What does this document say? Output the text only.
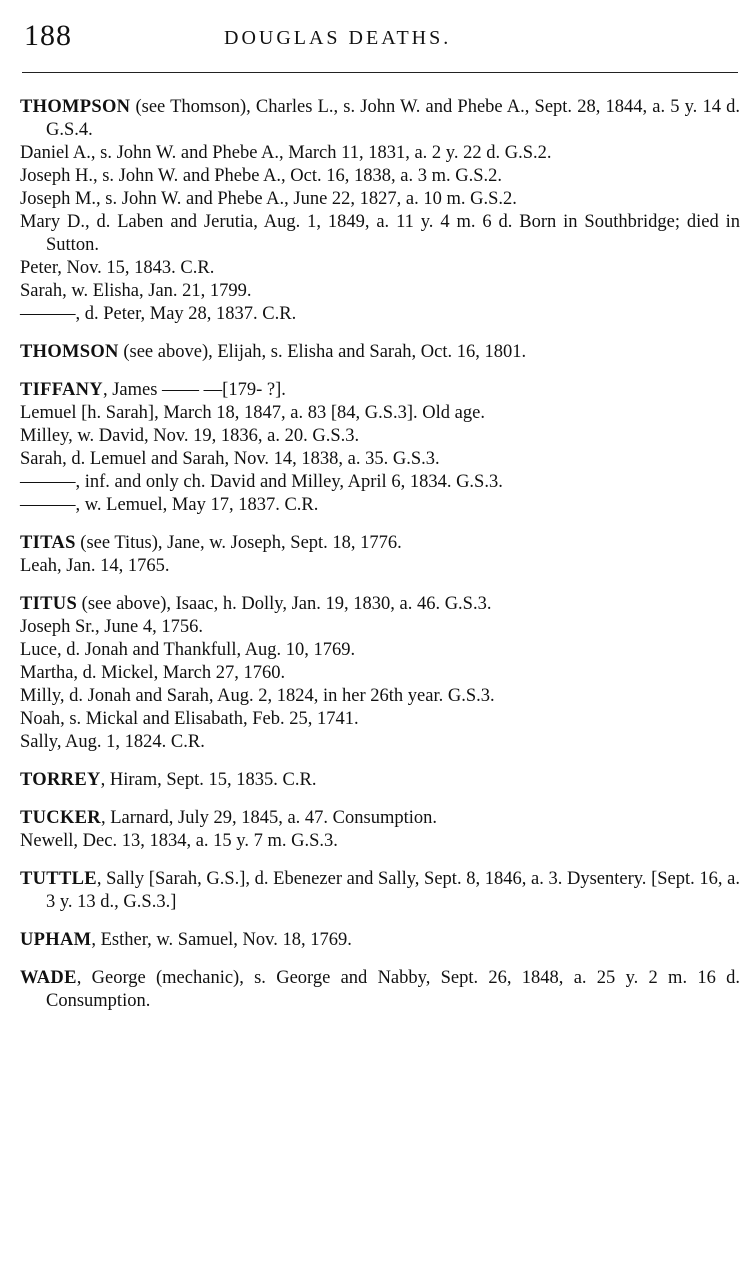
188	DOUGLAS DEATHS.
THOMPSON (see Thomson), Charles L., s. John W. and Phebe A., Sept. 28, 1844, a. 5 y. 14 d. G.S.4.
Daniel A., s. John W. and Phebe A., March 11, 1831, a. 2 y. 22 d. G.S.2.
Joseph H., s. John W. and Phebe A., Oct. 16, 1838, a. 3 m. G.S.2.
Joseph M., s. John W. and Phebe A., June 22, 1827, a. 10 m. G.S.2.
Mary D., d. Laben and Jerutia, Aug. 1, 1849, a. 11 y. 4 m. 6 d. Born in Southbridge; died in Sutton.
Peter, Nov. 15, 1843. C.R.
Sarah, w. Elisha, Jan. 21, 1799.
———, d. Peter, May 28, 1837. C.R.
THOMSON (see above), Elijah, s. Elisha and Sarah, Oct. 16, 1801.
TIFFANY, James —— —[179- ?].
Lemuel [h. Sarah], March 18, 1847, a. 83 [84, G.S.3]. Old age.
Milley, w. David, Nov. 19, 1836, a. 20. G.S.3.
Sarah, d. Lemuel and Sarah, Nov. 14, 1838, a. 35. G.S.3.
———, inf. and only ch. David and Milley, April 6, 1834. G.S.3.
———, w. Lemuel, May 17, 1837. C.R.
TITAS (see Titus), Jane, w. Joseph, Sept. 18, 1776.
Leah, Jan. 14, 1765.
TITUS (see above), Isaac, h. Dolly, Jan. 19, 1830, a. 46. G.S.3.
Joseph Sr., June 4, 1756.
Luce, d. Jonah and Thankfull, Aug. 10, 1769.
Martha, d. Mickel, March 27, 1760.
Milly, d. Jonah and Sarah, Aug. 2, 1824, in her 26th year. G.S.3.
Noah, s. Mickal and Elisabath, Feb. 25, 1741.
Sally, Aug. 1, 1824. C.R.
TORREY, Hiram, Sept. 15, 1835. C.R.
TUCKER, Larnard, July 29, 1845, a. 47. Consumption.
Newell, Dec. 13, 1834, a. 15 y. 7 m. G.S.3.
TUTTLE, Sally [Sarah, G.S.], d. Ebenezer and Sally, Sept. 8, 1846, a. 3. Dysentery. [Sept. 16, a. 3 y. 13 d., G.S.3.]
UPHAM, Esther, w. Samuel, Nov. 18, 1769.
WADE, George (mechanic), s. George and Nabby, Sept. 26, 1848, a. 25 y. 2 m. 16 d. Consumption.
